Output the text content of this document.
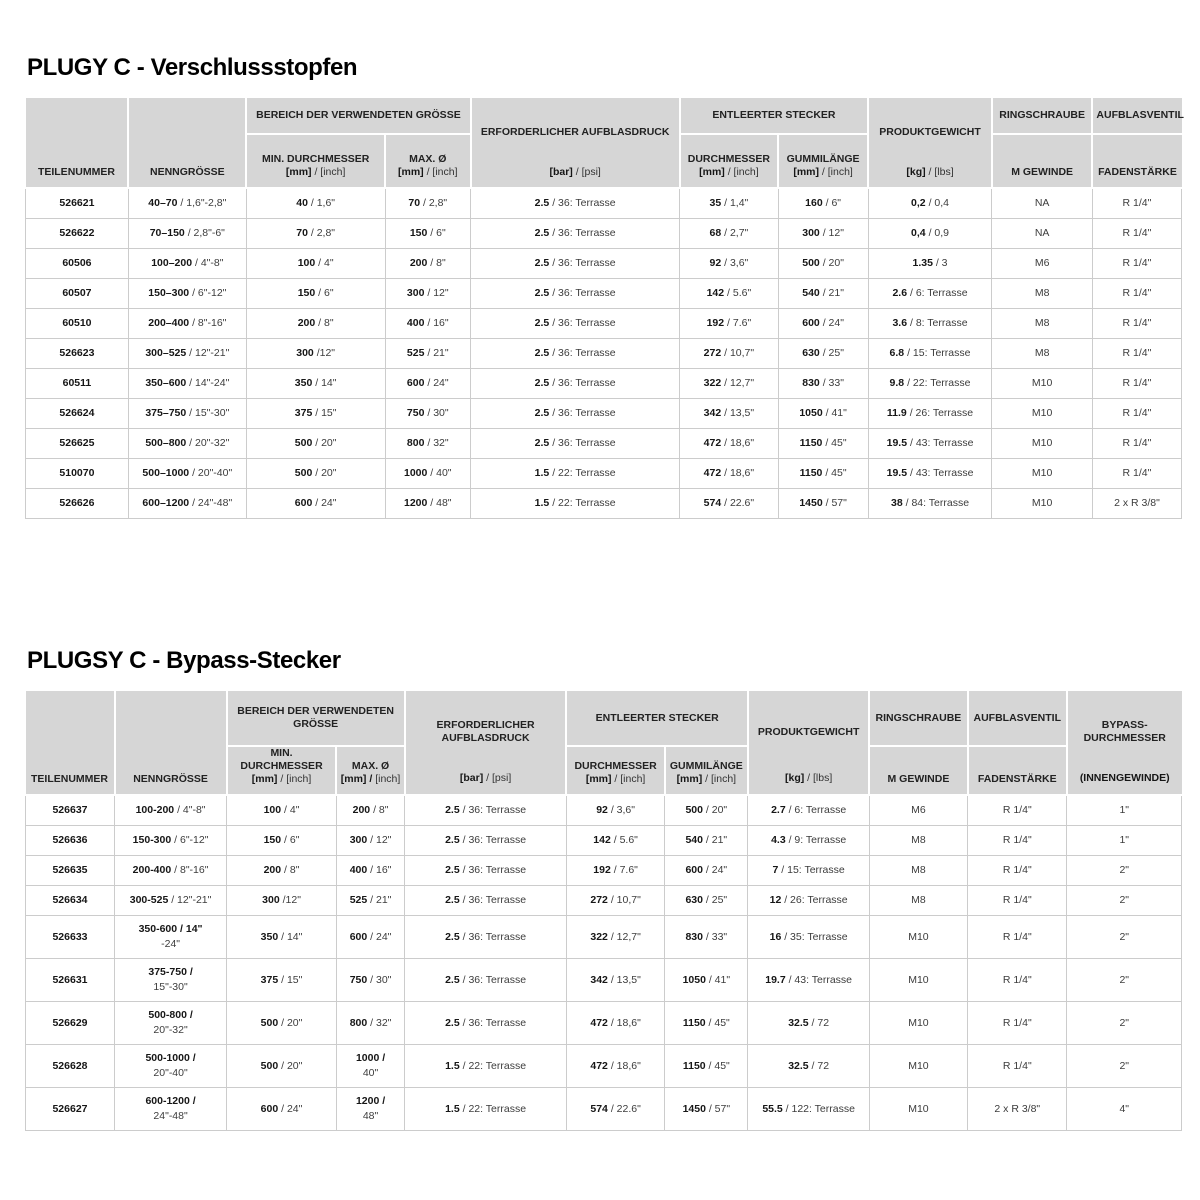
PLUGY C - Verschlussstopfen
TEILENUMMER	NENNGRÖSSE
	BEREICH DER VERWENDETEN GRÖSSE	
ERFORDERLICHER AUFBLASDRUCK
[bar] / [psi]
	ENTLEERTER STECKER	
PRODUKTGEWICHT
[kg] / [lbs]
	RINGSCHRAUBE	AUFBLASVENTIL

		MIN. DURCHMESSER
[mm] / [inch]	MAX. Ø
[mm] / [inch]		DURCHMESSER
[mm] / [inch]	GUMMILÄNGE
[mm] / [inch]		M GEWINDE	FADENSTÄRKE

526621	40–70 / 1,6"-2,8"	40 / 1,6"	70 / 2,8"	2.5 / 36: Terrasse	35 / 1,4"	160 / 6"	0,2 / 0,4	NA	R 1/4"
526622	70–150 / 2,8"-6"	70 / 2,8"	150 / 6"	2.5 / 36: Terrasse	68 / 2,7"	300 / 12"	0,4 / 0,9	NA	R 1/4"
60506	100–200 / 4"-8"	100 / 4"	200 / 8"	2.5 / 36: Terrasse	92 / 3,6"	500 / 20"	1.35 / 3	M6	R 1/4"
60507	150–300 / 6"-12"	150 / 6"	300 / 12"	2.5 / 36: Terrasse	142 / 5.6"	540 / 21"	2.6 / 6: Terrasse	M8	R 1/4"
60510	200–400 / 8"-16"	200 / 8"	400 / 16"	2.5 / 36: Terrasse	192 / 7.6"	600 / 24"	3.6 / 8: Terrasse	M8	R 1/4"
526623	300–525 / 12"-21"	300 /12"	525 / 21"	2.5 / 36: Terrasse	272 / 10,7"	630 / 25"	6.8 / 15: Terrasse	M8	R 1/4"
60511	350–600 / 14"-24"	350 / 14"	600 / 24"	2.5 / 36: Terrasse	322 / 12,7"	830 / 33"	9.8 / 22: Terrasse	M10	R 1/4"
526624	375–750 / 15"-30"	375 / 15"	750 / 30"	2.5 / 36: Terrasse	342 / 13,5"	1050 / 41"	11.9 / 26: Terrasse	M10	R 1/4"
526625	500–800 / 20"-32"	500 / 20"	800 / 32"	2.5 / 36: Terrasse	472 / 18,6"	1150 / 45"	19.5 / 43: Terrasse	M10	R 1/4"
510070	500–1000 / 20"-40"	500 / 20"	1000 / 40"	1.5 / 22: Terrasse	472 / 18,6"	1150 / 45"	19.5 / 43: Terrasse	M10	R 1/4"
526626	600–1200 / 24"-48"	600 / 24"	1200 / 48"	1.5 / 22: Terrasse	574 / 22.6"	1450 / 57"	38 / 84: Terrasse	M10	2 x R 3/8"
PLUGSY C - Bypass-Stecker
TEILENUMMER	NENNGRÖSSE
	BEREICH DER VERWENDETEN
GRÖSSE	ERFORDERLICHER
AUFBLASDRUCK
[bar] / [psi]
	ENTLEERTER STECKER	
PRODUKTGEWICHT
[kg] / [lbs]
	RINGSCHRAUBE	AUFBLASVENTIL	
BYPASS-
DURCHMESSER
(INNENGEWINDE)

		MIN.
DURCHMESSER
[mm] / [inch]	MAX. Ø
[mm] / [inch]		DURCHMESSER
[mm] / [inch]	GUMMILÄNGE
[mm] / [inch]		M GEWINDE	FADENSTÄRKE	

526637	100-200 / 4"-8"	100 / 4"	200 / 8"	2.5 / 36: Terrasse	92 / 3,6"	500 / 20"	2.7 / 6: Terrasse	M6	R 1/4"	1"
526636	150-300 / 6"-12"	150 / 6"	300 / 12"	2.5 / 36: Terrasse	142 / 5.6"	540 / 21"	4.3 / 9: Terrasse	M8	R 1/4"	1"
526635	200-400 / 8"-16"	200 / 8"	400 / 16"	2.5 / 36: Terrasse	192 / 7.6"	600 / 24"	7 / 15: Terrasse	M8	R 1/4"	2"
526634	300-525 / 12"-21"	300 /12"	525 / 21"	2.5 / 36: Terrasse	272 / 10,7"	630 / 25"	12 / 26: Terrasse	M8	R 1/4"	2"
526633	350-600 / 14"
-24"	350 / 14"	600 / 24"	2.5 / 36: Terrasse	322 / 12,7"	830 / 33"	16 / 35: Terrasse	M10	R 1/4"	2"
526631	375-750 /
15"-30"	375 / 15"	750 / 30"	2.5 / 36: Terrasse	342 / 13,5"	1050 / 41"	19.7 / 43: Terrasse	M10	R 1/4"	2"
526629	500-800 /
20"-32"	500 / 20"	800 / 32"	2.5 / 36: Terrasse	472 / 18,6"	1150 / 45"	32.5 / 72	M10	R 1/4"	2"
526628	500-1000 /
20"-40"	500 / 20"	1000 /
40"	1.5 / 22: Terrasse	472 / 18,6"	1150 / 45"	32.5 / 72	M10	R 1/4"	2"
526627	600-1200 /
24"-48"	600 / 24"	1200 /
48"	1.5 / 22: Terrasse	574 / 22.6"	1450 / 57"	55.5 / 122: Terrasse	M10	2 x R 3/8"	4"
